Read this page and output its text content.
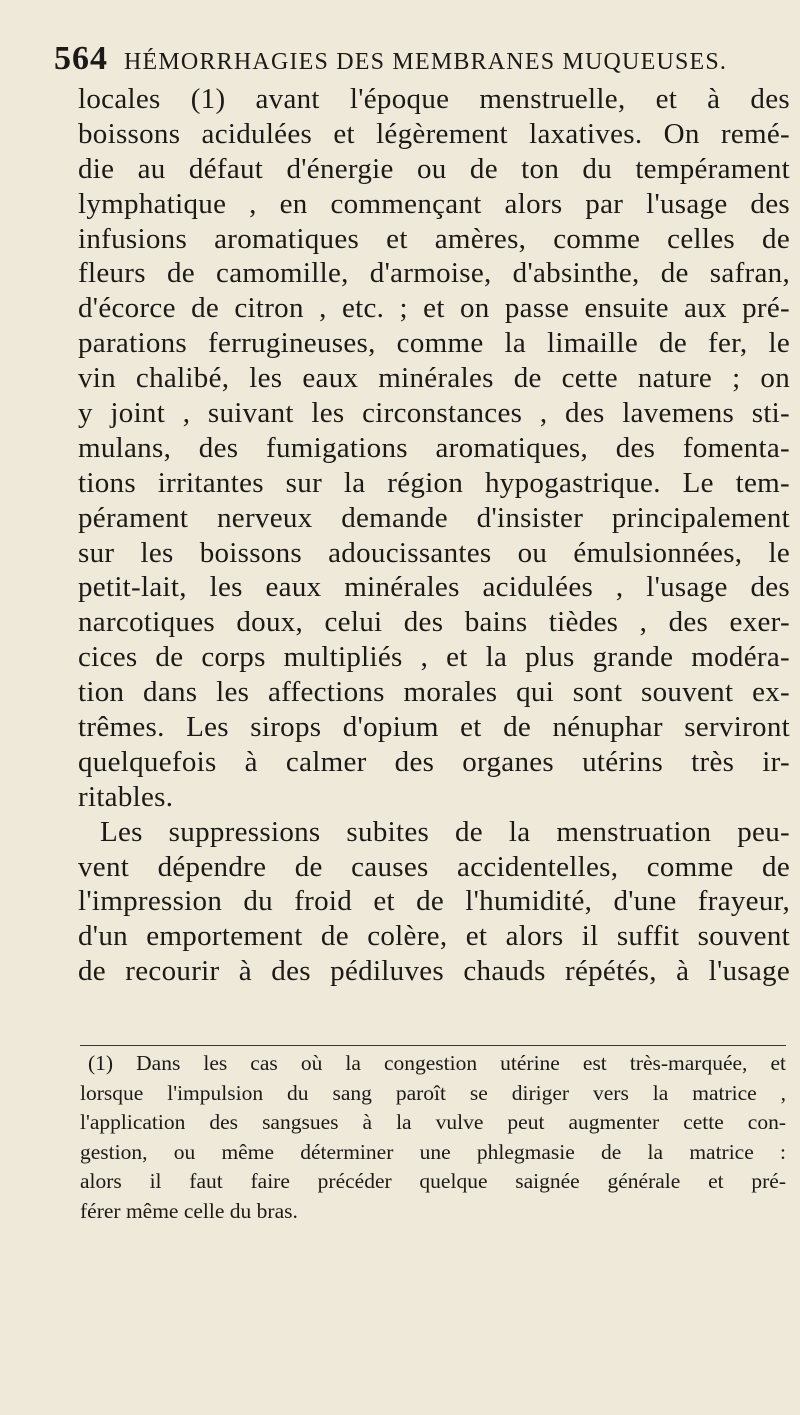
564 HÉMORRHAGIES DES MEMBRANES MUQUEUSES.
locales (1) avant l'époque menstruelle, et à des
boissons acidulées et légèrement laxatives. On remé-
die au défaut d'énergie ou de ton du tempérament
lymphatique , en commençant alors par l'usage des
infusions aromatiques et amères, comme celles de
fleurs de camomille, d'armoise, d'absinthe, de safran,
d'écorce de citron , etc. ; et on passe ensuite aux pré-
parations ferrugineuses, comme la limaille de fer, le
vin chalibé, les eaux minérales de cette nature ; on
y joint , suivant les circonstances , des lavemens sti-
mulans, des fumigations aromatiques, des fomenta-
tions irritantes sur la région hypogastrique. Le tem-
pérament nerveux demande d'insister principalement
sur les boissons adoucissantes ou émulsionnées, le
petit-lait, les eaux minérales acidulées , l'usage des
narcotiques doux, celui des bains tièdes , des exer-
cices de corps multipliés , et la plus grande modéra-
tion dans les affections morales qui sont souvent ex-
trêmes. Les sirops d'opium et de nénuphar serviront
quelquefois à calmer des organes utérins très ir-
ritables.
Les suppressions subites de la menstruation peu-
vent dépendre de causes accidentelles, comme de
l'impression du froid et de l'humidité, d'une frayeur,
d'un emportement de colère, et alors il suffit souvent
de recourir à des pédiluves chauds répétés, à l'usage
(1) Dans les cas où la congestion utérine est très-marquée, et
lorsque l'impulsion du sang paroît se diriger vers la matrice ,
l'application des sangsues à la vulve peut augmenter cette con-
gestion, ou même déterminer une phlegmasie de la matrice :
alors il faut faire précéder quelque saignée générale et pré-
férer même celle du bras.
